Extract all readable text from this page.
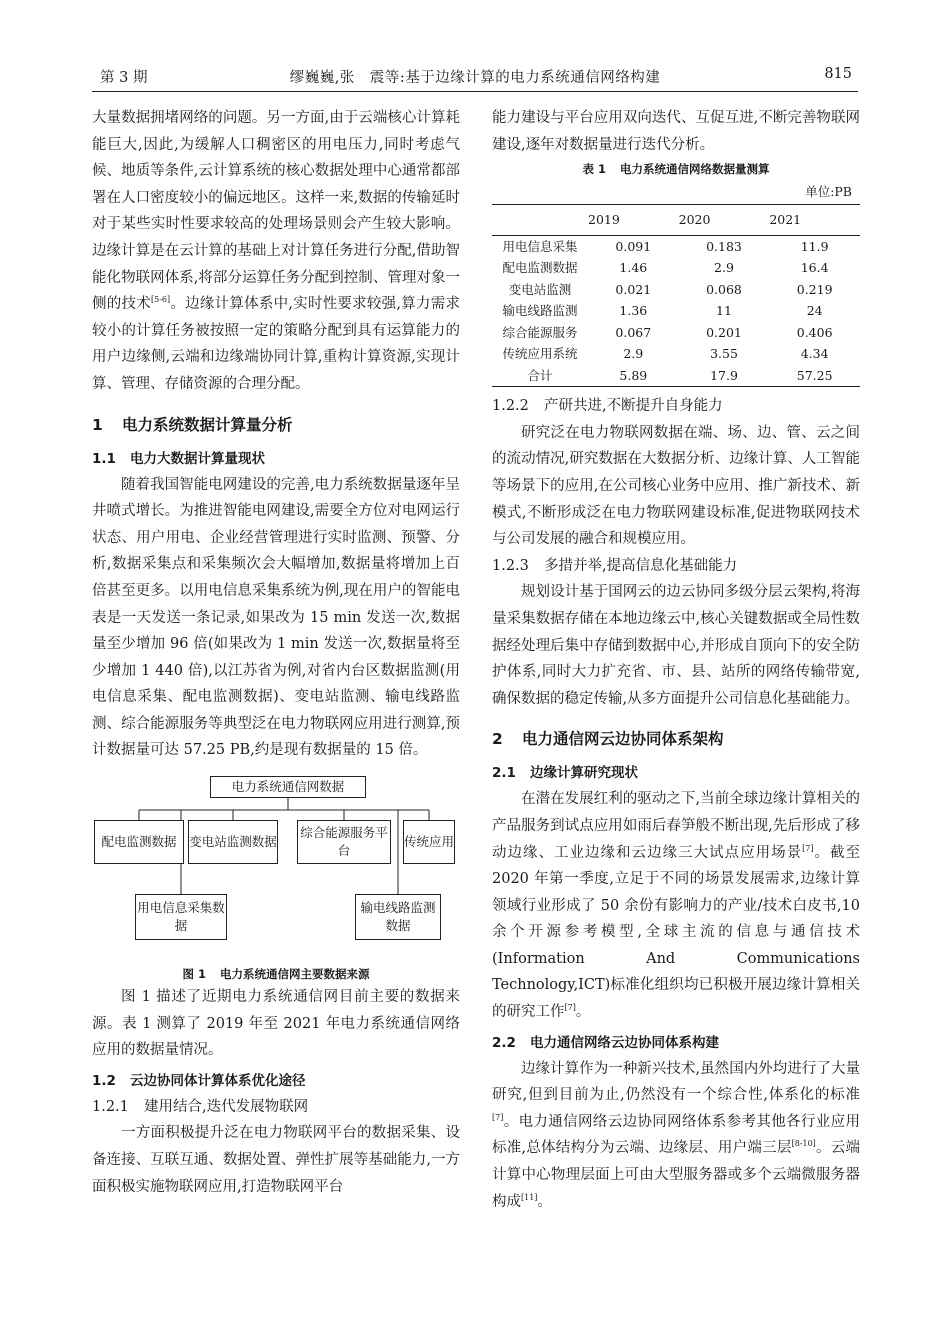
第 3 期	缪巍巍,张　震等:基于边缘计算的电力系统通信网络构建	815

大量数据拥堵网络的问题。另一方面,由于云端核心计算耗能巨大,因此,为缓解人口稠密区的用电压力,同时考虑气候、地质等条件,云计算系统的核心数据处理中心通常都部署在人口密度较小的偏远地区。这样一来,数据的传输延时对于某些实时性要求较高的处理场景则会产生较大影响。边缘计算是在云计算的基础上对计算任务进行分配,借助智能化物联网体系,将部分运算任务分配到控制、管理对象一侧的技术[5-6]。边缘计算体系中,实时性要求较强,算力需求较小的计算任务被按照一定的策略分配到具有运算能力的用户边缘侧,云端和边缘端协同计算,重构计算资源,实现计算、管理、存储资源的合理分配。

1 电力系统数据计算量分析
1.1 电力大数据计算量现状

随着我国智能电网建设的完善,电力系统数据量逐年呈井喷式增长。为推进智能电网建设,需要全方位对电网运行状态、用户用电、企业经营管理进行实时监测、预警、分析,数据采集点和采集频次会大幅增加,数据量将增加上百倍甚至更多。以用电信息采集系统为例,现在用户的智能电表是一天发送一条记录,如果改为 15 min 发送一次,数据量至少增加 96 倍(如果改为 1 min 发送一次,数据量将至少增加 1 440 倍),以江苏省为例,对省内台区数据监测(用电信息采集、配电监测数据)、变电站监测、输电线路监测、综合能源服务等典型泛在电力物联网应用进行测算,预计数据量可达 57.25 PB,约是现有数据量的 15 倍。

电力系统通信网数据
配电监测数据	变电站监测数据
综合能源服务平台
传统应用
用电信息采集数据
输电线路监测数据
图 1 电力系统通信网主要数据来源

图 1 描述了近期电力系统通信网目前主要的数据来源。表 1 测算了 2019 年至 2021 年电力系统通信网络应用的数据量情况。

1.2 云边协同体计算体系优化途径
1.2.1 建用结合,迭代发展物联网

一方面积极提升泛在电力物联网平台的数据采集、设备连接、互联互通、数据处置、弹性扩展等基础能力,一方面积极实施物联网应用,打造物联网平台

能力建设与平台应用双向迭代、互促互进,不断完善物联网建设,逐年对数据量进行迭代分析。

表 1 电力系统通信网络数据量测算
单位:PB
	2019	2020	2021
用电信息采集	0.091	0.183	11.9
配电监测数据	1.46	2.9	16.4
变电站监测	0.021	0.068	0.219
输电线路监测	1.36	11	24
综合能源服务	0.067	0.201	0.406
传统应用系统	2.9	3.55	4.34
合计	5.89	17.9	57.25
1.2.2 产研共进,不断提升自身能力

研究泛在电力物联网数据在端、场、边、管、云之间的流动情况,研究数据在大数据分析、边缘计算、人工智能等场景下的应用,在公司核心业务中应用、推广新技术、新模式,不断形成泛在电力物联网建设标准,促进物联网技术与公司发展的融合和规模应用。

1.2.3 多措并举,提高信息化基础能力

规划设计基于国网云的边云协同多级分层云架构,将海量采集数据存储在本地边缘云中,核心关键数据或全局性数据经处理后集中存储到数据中心,并形成自顶向下的安全防护体系,同时大力扩充省、市、县、站所的网络传输带宽,确保数据的稳定传输,从多方面提升公司信息化基础能力。

2 电力通信网云边协同体系架构
2.1 边缘计算研究现状

在潜在发展红利的驱动之下,当前全球边缘计算相关的产品服务到试点应用如雨后春笋般不断出现,先后形成了移动边缘、工业边缘和云边缘三大试点应用场景[7]。截至 2020 年第一季度,立足于不同的场景发展需求,边缘计算领域行业形成了 50 余份有影响力的产业/技术白皮书,10 余个开源参考模型,全球主流的信息与通信技术(Information And Communications Technology,ICT)标准化组织均已积极开展边缘计算相关的研究工作[7]。

2.2 电力通信网络云边协同体系构建

边缘计算作为一种新兴技术,虽然国内外均进行了大量研究,但到目前为止,仍然没有一个综合性,体系化的标准[7]。电力通信网络云边协同网络体系参考其他各行业应用标准,总体结构分为云端、边缘层、用户端三层[8-10]。云端计算中心物理层面上可由大型服务器或多个云端微服务器构成[11]。
